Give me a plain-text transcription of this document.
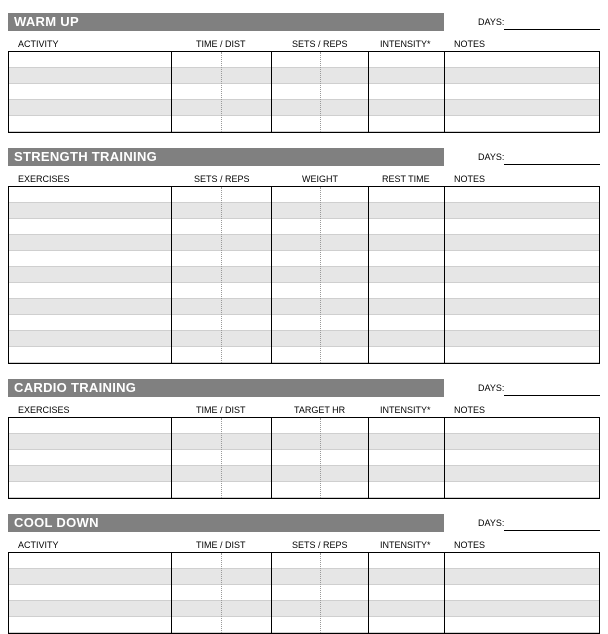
WARM UP	DAYS:
ACTIVITY	TIME / DIST	SETS / REPS	INTENSITY*	NOTES
STRENGTH TRAINING	DAYS:
EXERCISES	SETS / REPS	WEIGHT	REST TIME	NOTES
CARDIO TRAINING	DAYS:
EXERCISES	TIME / DIST	TARGET HR	INTENSITY*	NOTES
COOL DOWN	DAYS:
ACTIVITY	TIME / DIST	SETS / REPS	INTENSITY*	NOTES
